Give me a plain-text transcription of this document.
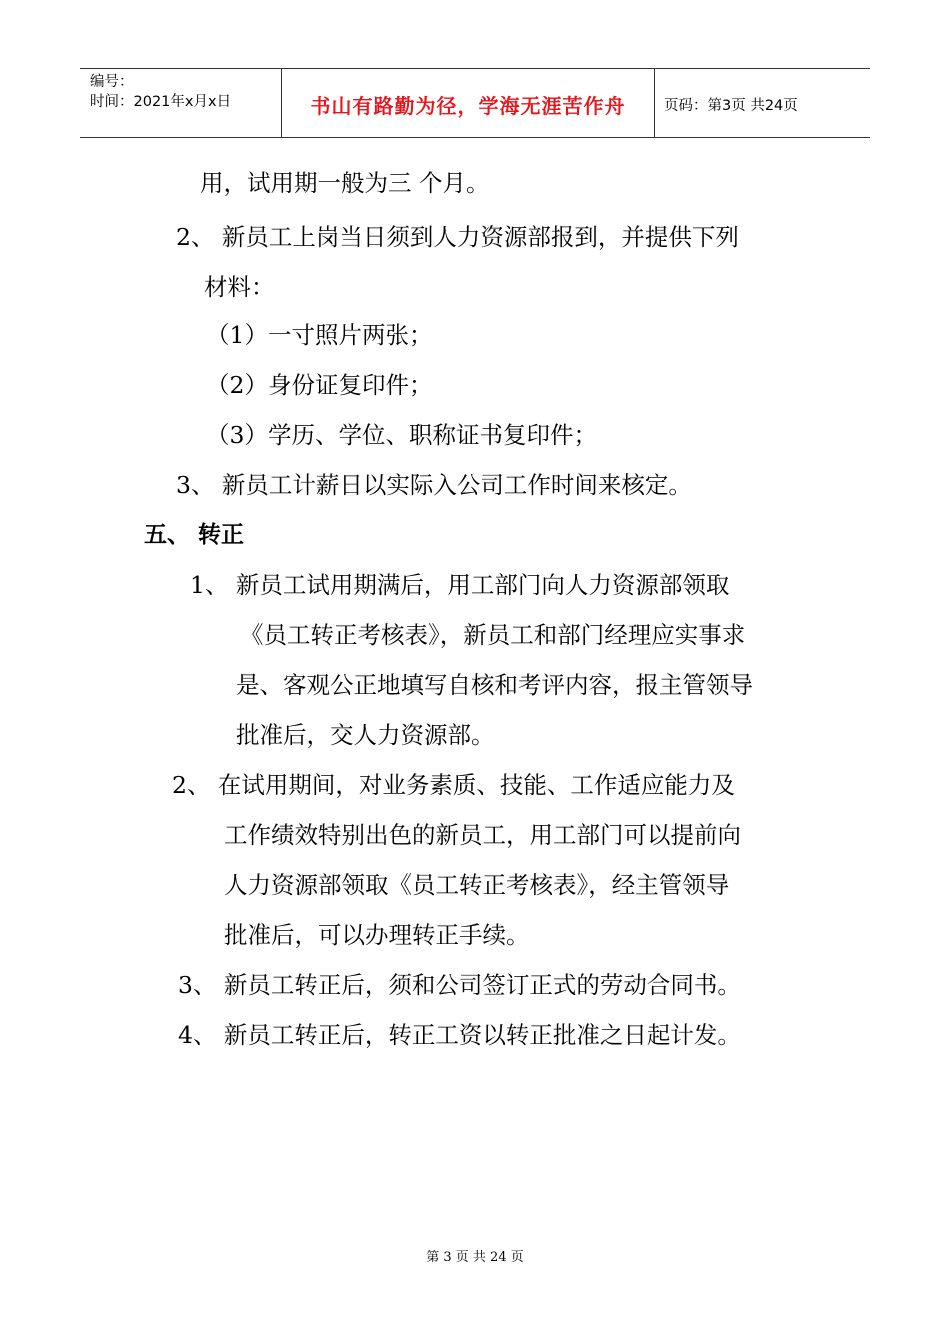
编号：
时间：2021年x月x日	书山有路勤为径，学海无涯苦作舟	页码：第3页 共24页
用，试用期一般为三 个月。
2、 新员工上岗当日须到人力资源部报到，并提供下列
材料：
（1）一寸照片两张；
（2）身份证复印件；
（3）学历、学位、职称证书复印件；
3、 新员工计薪日以实际入公司工作时间来核定。
五、 转正
1、 新员工试用期满后，用工部门向人力资源部领取
《员工转正考核表》，新员工和部门经理应实事求
是、客观公正地填写自核和考评内容，报主管领导
批准后，交人力资源部。
2、 在试用期间，对业务素质、技能、工作适应能力及
工作绩效特别出色的新员工，用工部门可以提前向
人力资源部领取《员工转正考核表》，经主管领导
批准后，可以办理转正手续。
3、 新员工转正后，须和公司签订正式的劳动合同书。
4、 新员工转正后，转正工资以转正批准之日起计发。
第 3 页 共 24 页
